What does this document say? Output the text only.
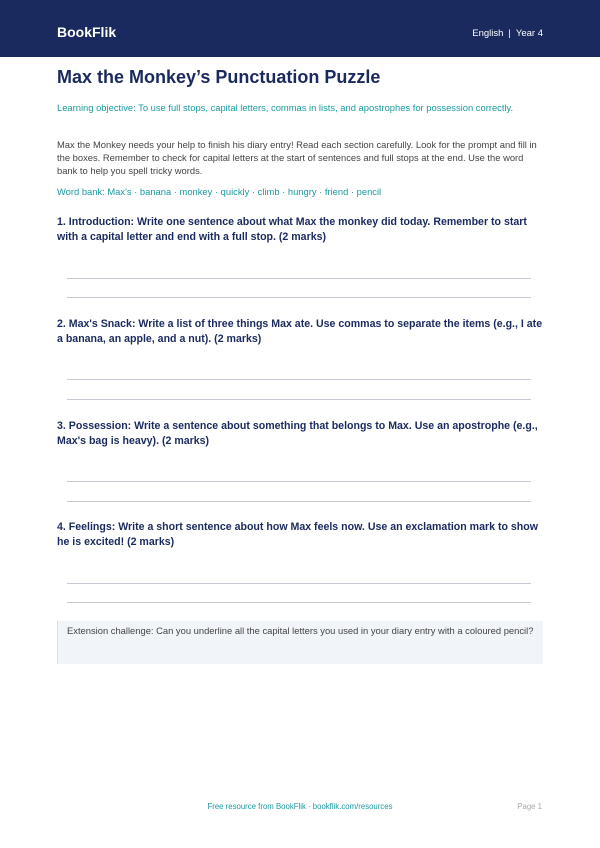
BookFlik	English | Year 4
Max the Monkey’s Punctuation Puzzle

Learning objective: To use full stops, capital letters, commas in lists, and apostrophes for possession correctly.

Max the Monkey needs your help to finish his diary entry! Read each section carefully. Look for the prompt and fill in the boxes. Remember to check for capital letters at the start of sentences and full stops at the end. Use the word bank to help you spell tricky words.

Word bank: Max's · banana · monkey · quickly · climb · hungry · friend · pencil

1. Introduction: Write one sentence about what Max the monkey did today. Remember to start with a capital letter and end with a full stop. (2 marks)

2. Max's Snack: Write a list of three things Max ate. Use commas to separate the items (e.g., I ate a banana, an apple, and a nut). (2 marks)

3. Possession: Write a sentence about something that belongs to Max. Use an apostrophe (e.g., Max's bag is heavy). (2 marks)

4. Feelings: Write a short sentence about how Max feels now. Use an exclamation mark to show he is excited! (2 marks)

Extension challenge: Can you underline all the capital letters you used in your diary entry with a coloured pencil?

Free resource from BookFlik · bookflik.com/resources	Page 1
